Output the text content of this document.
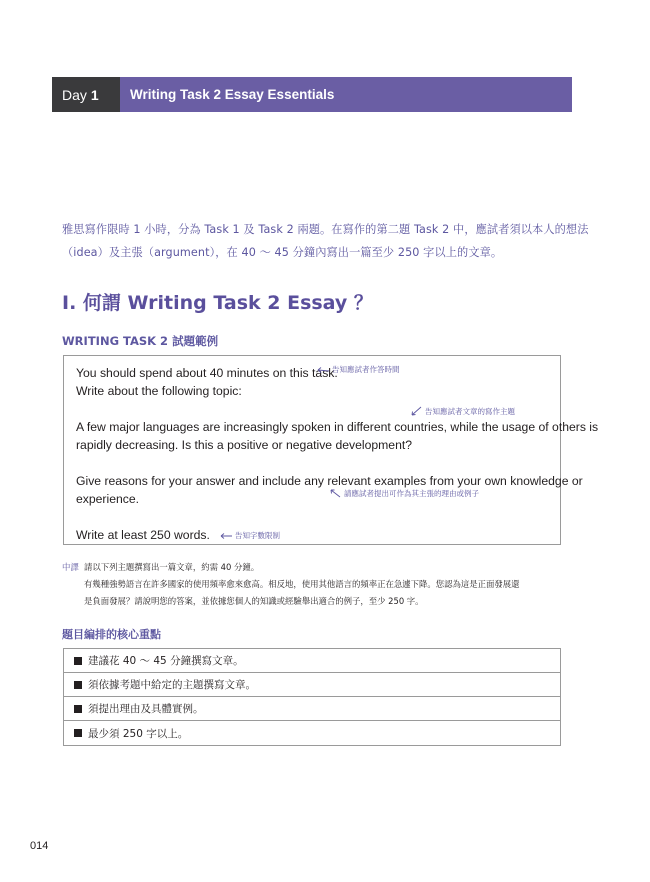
Day 1	Writing Task 2 Essay Essentials

雅思寫作限時 1 小時，分為 Task 1 及 Task 2 兩題。在寫作的第二題 Task 2 中，應試者須以本人的想法

（idea）及主張（argument），在 40 ～ 45 分鐘內寫出一篇至少 250 字以上的文章。

I. 何謂 Writing Task 2 Essay ？
WRITING TASK 2 試題範例
You should spend about 40 minutes on this task.
告知應試者作答時間
Write about the following topic:
告知應試者文章的寫作主題
A few major languages are increasingly spoken in different countries, while the usage of others is
rapidly decreasing. Is this a positive or negative development?
Give reasons for your answer and include any relevant examples from your own knowledge or
experience.	請應試者提出可作為其主張的理由或例子
Write at least 250 words.	告知字數限制
中譯 請以下列主題撰寫出一篇文章，約需 40 分鐘。
有幾種強勢語言在許多國家的使用頻率愈來愈高。相反地，使用其他語言的頻率正在急遽下降。您認為這是正面發展還
是負面發展？請說明您的答案，並依據您個人的知識或經驗舉出適合的例子，至少 250 字。
題目編排的核心重點
建議花 40 ～ 45 分鐘撰寫文章。
須依據考題中給定的主題撰寫文章。
須提出理由及具體實例。
最少須 250 字以上。
014
